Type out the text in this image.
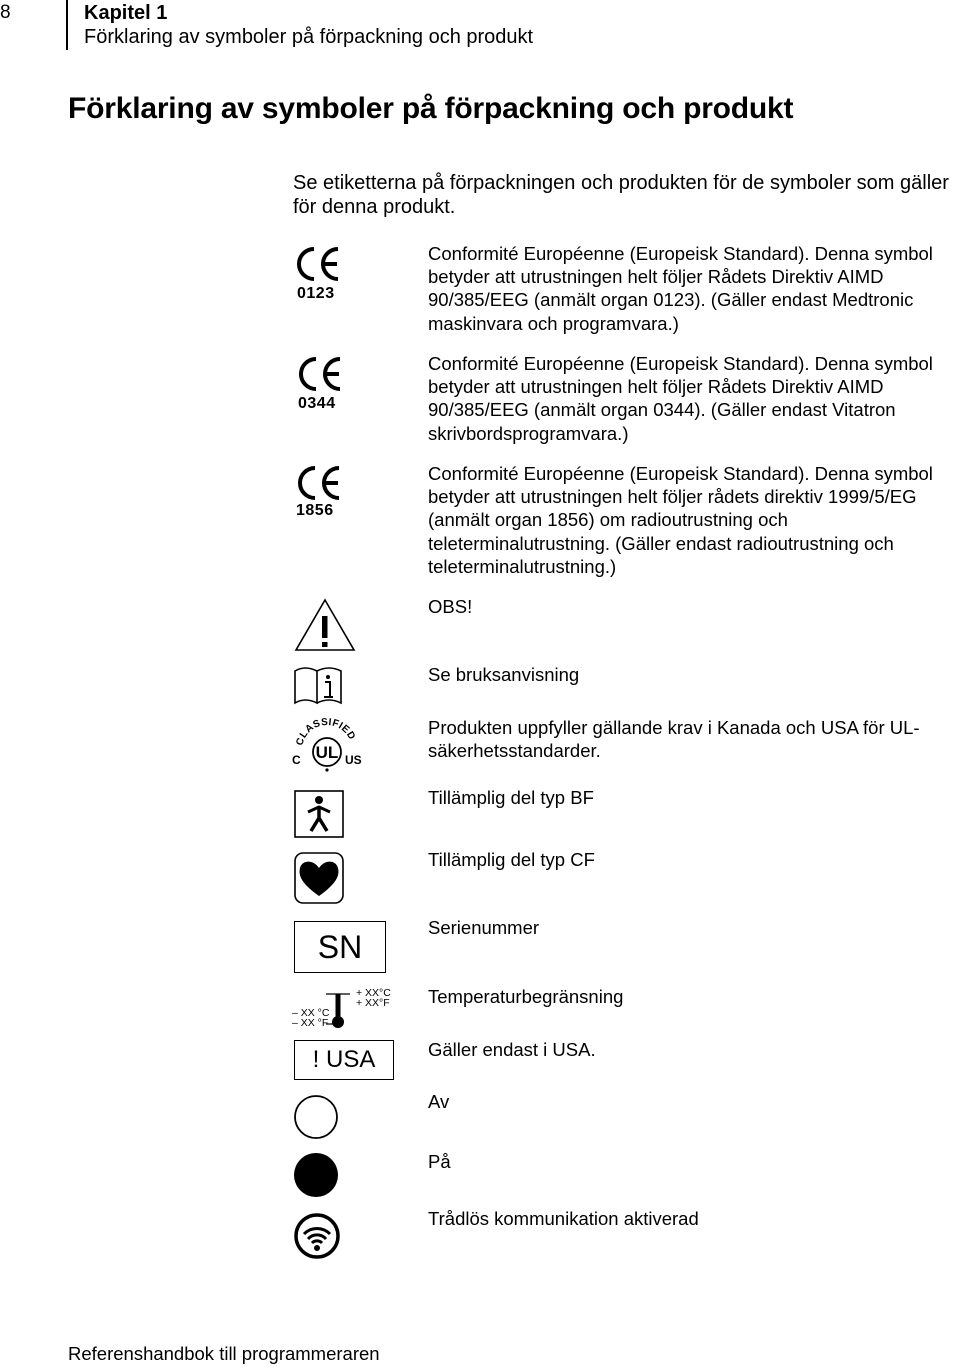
8	Kapitel 1
Förklaring av symboler på förpackning och produkt
Förklaring av symboler på förpackning och produkt
Se etiketterna på förpackningen och produkten för de symboler som gäller för denna produkt.
0123
Conformité Européenne (Europeisk Standard). Denna symbol betyder att utrustningen helt följer Rådets Direktiv AIMD 90/385/EEG (anmält organ 0123). (Gäller endast Medtronic maskinvara och programvara.)
0344
Conformité Européenne (Europeisk Standard). Denna symbol betyder att utrustningen helt följer Rådets Direktiv AIMD 90/385/EEG (anmält organ 0344). (Gäller endast Vitatron skrivbordsprogramvara.)
1856
Conformité Européenne (Europeisk Standard). Denna symbol betyder att utrustningen helt följer rådets direktiv 1999/5/EG (anmält organ 1856) om radioutrustning och teleterminalutrustning. (Gäller endast radioutrustning och teleterminalutrustning.)
OBS!
Se bruksanvisning
CLASSIFIED
UL
C	US
Produkten uppfyller gällande krav i Kanada och USA för UL-säkerhetsstandarder.
Tillämplig del typ BF
Tillämplig del typ CF
SN
Serienummer
+ XX°C
+ XX°F
– XX °C
– XX °F
Temperaturbegränsning
! USA	Gäller endast i USA.
Av
På
Trådlös kommunikation aktiverad
Referenshandbok till programmeraren
